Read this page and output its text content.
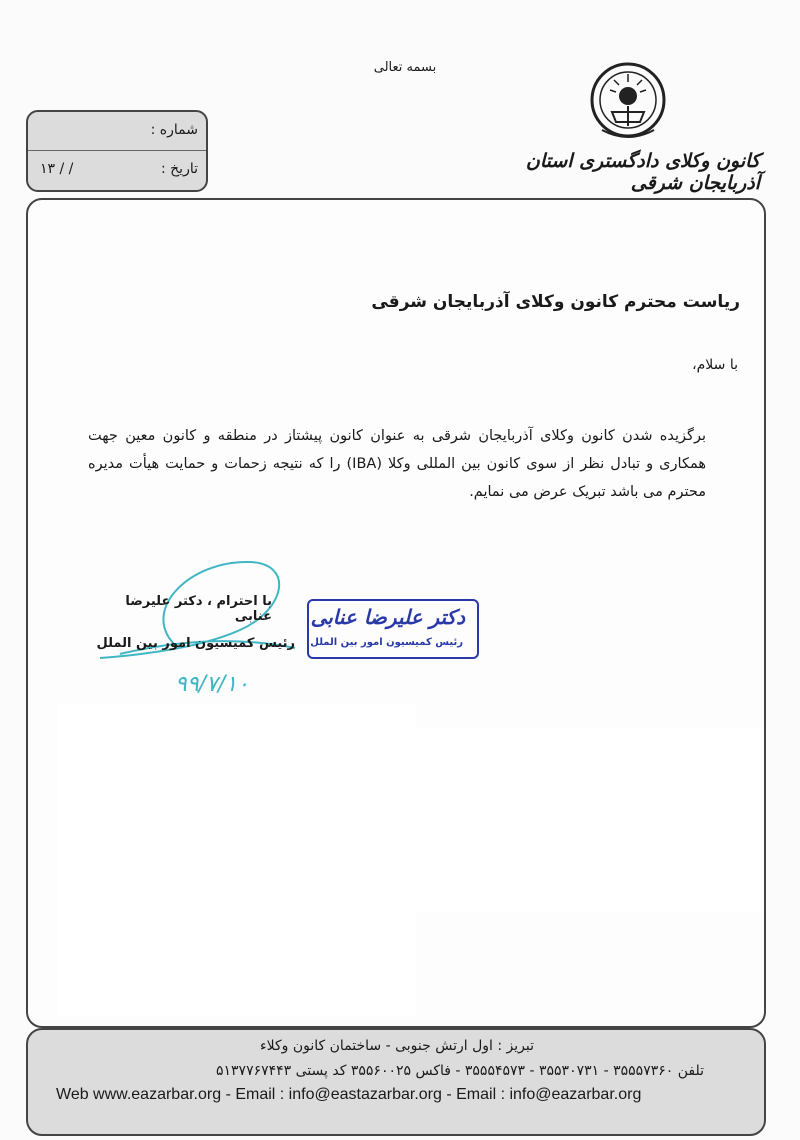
بسمه تعالی
کانون وکلای دادگستری استان آذربایجان شرقی
شماره :
تاریخ :
۱۳ / /
ریاست محترم کانون وکلای آذربایجان شرقی
با سلام،

برگزیده شدن کانون وکلای آذربایجان شرقی به عنوان کانون پیشتاز در منطقه و کانون معین جهت همکاری و تبادل نظر از سوی کانون بین المللی وکلا (IBA) را که نتیجه زحمات و حمایت هیأت مدیره محترم می باشد تبریک عرض می نمایم.

با احترام ، دکتر علیرضا عنابی
رئیس کمیسیون امور بین الملل
۹۹/۷/۱۰
دکتر علیرضا عنابی
رئیس کمیسیون امور بین الملل
تبریز : اول ارتش جنوبی - ساختمان کانون وکلاء
تلفن ۳۵۵۵۷۳۶۰ - ۳۵۵۳۰۷۳۱ - ۳۵۵۵۴۵۷۳ - فاکس ۳۵۵۶۰۰۲۵ کد پستی ۵۱۳۷۷۶۷۴۴۳
Web www.eazarbar.org - Email : info@eastazarbar.org - Email : info@eazarbar.org
